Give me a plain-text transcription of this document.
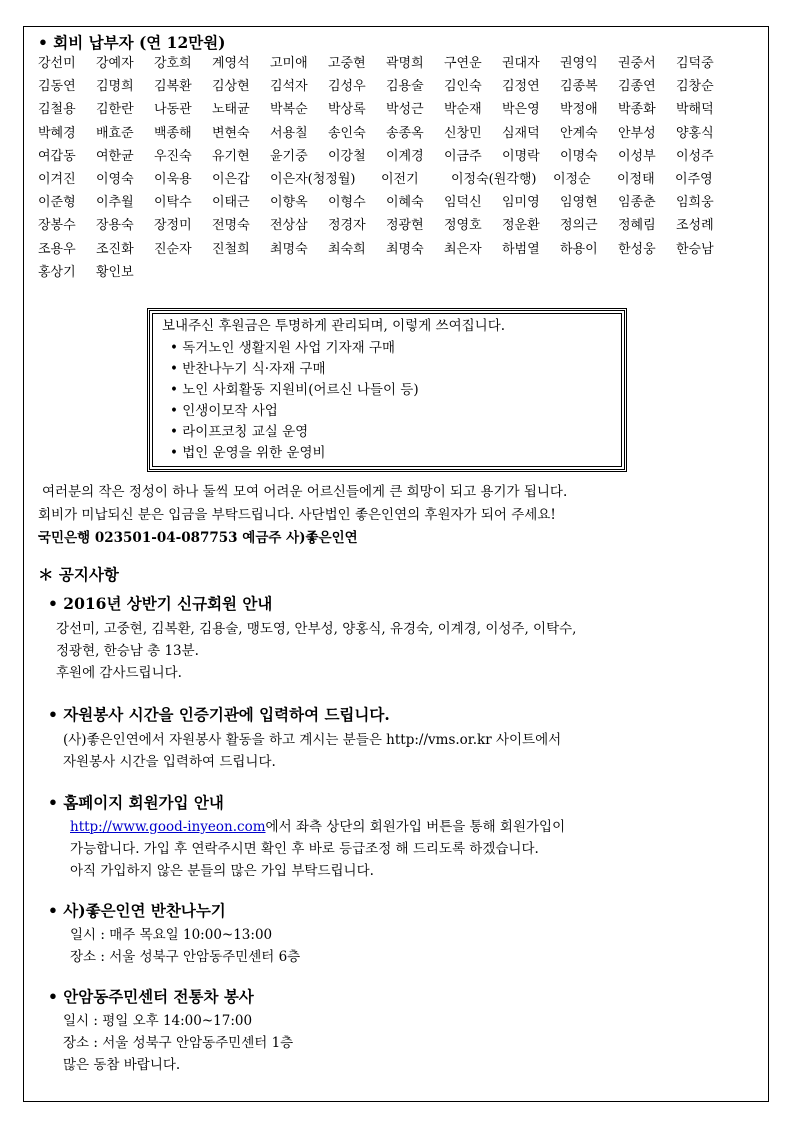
• 회비 납부자 (연 12만원)
강선미 강예자 강호희 계영석 고미애 고중현 곽명희 구연운 권대자 권영익 권중서 김덕중
김동연 김명희 김복환 김상현 김석자 김성우 김용술 김인숙 김정연 김종복 김종연 김창순
김철용 김한란 나동관 노태균 박복순 박상록 박성근 박순재 박은영 박정애 박종화 박해덕
박혜경 배효준 백종해 변현숙 서용칠 송인숙 송종옥 신창민 심재덕 안계숙 안부성 양홍식
여갑동 여한균 우진숙 유기현 윤기중 이강철 이계경 이금주 이명락 이명숙 이성부 이성주
이겨진 이영숙 이욱용 이은갑 이은자(청정월) 이전기 이정숙(원각행) 이정순 이정태 이주영
이준형 이추월 이탁수 이태근 이향옥 이형수 이혜숙 임덕신 임미영 임영현 임종춘 임희웅
장봉수 장용숙 장정미 전명숙 전상삼 정경자 정광현 정영호 정운환 정의근 정혜림 조성례
조용우 조진화 진순자 진철희 최명숙 최숙희 최명숙 최은자 하범열 하용이 한성웅 한승남
홍상기 황인보
보내주신 후원금은 투명하게 관리되며, 이렇게 쓰여집니다.
• 독거노인 생활지원 사업 기자재 구매
• 반찬나누기 식·자재 구매
• 노인 사회활동 지원비(어르신 나들이 등)
• 인생이모작 사업
• 라이프코칭 교실 운영
• 법인 운영을 위한 운영비
여러분의 작은 정성이 하나 둘씩 모여 어려운 어르신들에게 큰 희망이 되고 용기가 됩니다.
회비가 미납되신 분은 입금을 부탁드립니다. 사단법인 좋은인연의 후원자가 되어 주세요!
국민은행 023501-04-087753 예금주 사)좋은인연
＊ 공지사항
• 2016년 상반기 신규회원 안내
강선미, 고중현, 김복환, 김용술, 맹도영, 안부성, 양홍식, 유경숙, 이계경, 이성주, 이탁수,
정광현, 한승남 총 13분.
후원에 감사드립니다.
• 자원봉사 시간을 인증기관에 입력하여 드립니다.
(사)좋은인연에서 자원봉사 활동을 하고 계시는 분들은 http://vms.or.kr 사이트에서
자원봉사 시간을 입력하여 드립니다.
• 홈페이지 회원가입 안내
http://www.good-inyeon.com에서 좌측 상단의 회원가입 버튼을 통해 회원가입이
가능합니다. 가입 후 연락주시면 확인 후 바로 등급조정 해 드리도록 하겠습니다.
아직 가입하지 않은 분들의 많은 가입 부탁드립니다.
• 사)좋은인연 반찬나누기
일시 : 매주 목요일 10:00~13:00
장소 : 서울 성북구 안암동주민센터 6층
• 안암동주민센터 전통차 봉사
일시 : 평일 오후 14:00~17:00
장소 : 서울 성북구 안암동주민센터 1층
많은 동참 바랍니다.
